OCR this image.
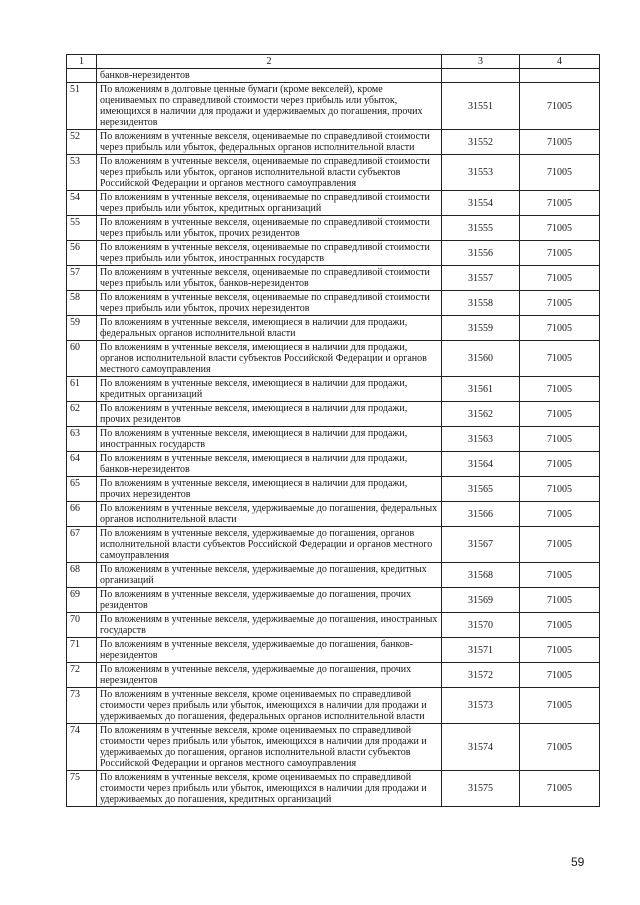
1	2	3	4
	банков-нерезидентов		
51	По вложениям в долговые ценные бумаги (кроме векселей), кроме оцениваемых по справедливой стоимости через прибыль или убыток, имеющихся в наличии для продажи и удерживаемых до погашения, прочих нерезидентов	31551	71005
52	По вложениям в учтенные векселя, оцениваемые по справедливой стоимости через прибыль или убыток, федеральных органов исполнительной власти	31552	71005
53	По вложениям в учтенные векселя, оцениваемые по справедливой стоимости через прибыль или убыток, органов исполнительной власти субъектов Российской Федерации и органов местного самоуправления	31553	71005
54	По вложениям в учтенные векселя, оцениваемые по справедливой стоимости через прибыль или убыток, кредитных организаций	31554	71005
55	По вложениям в учтенные векселя, оцениваемые по справедливой стоимости через прибыль или убыток, прочих резидентов	31555	71005
56	По вложениям в учтенные векселя, оцениваемые по справедливой стоимости через прибыль или убыток, иностранных государств	31556	71005
57	По вложениям в учтенные векселя, оцениваемые по справедливой стоимости через прибыль или убыток, банков-нерезидентов	31557	71005
58	По вложениям в учтенные векселя, оцениваемые по справедливой стоимости через прибыль или убыток, прочих нерезидентов	31558	71005
59	По вложениям в учтенные векселя, имеющиеся в наличии для продажи, федеральных органов исполнительной власти	31559	71005
60	По вложениям в учтенные векселя, имеющиеся в наличии для продажи, органов исполнительной власти субъектов Российской Федерации и органов местного самоуправления	31560	71005
61	По вложениям в учтенные векселя, имеющиеся в наличии для продажи, кредитных организаций	31561	71005
62	По вложениям в учтенные векселя, имеющиеся в наличии для продажи, прочих резидентов	31562	71005
63	По вложениям в учтенные векселя, имеющиеся в наличии для продажи, иностранных государств	31563	71005
64	По вложениям в учтенные векселя, имеющиеся в наличии для продажи, банков-нерезидентов	31564	71005
65	По вложениям в учтенные векселя, имеющиеся в наличии для продажи, прочих нерезидентов	31565	71005
66	По вложениям в учтенные векселя, удерживаемые до погашения, федеральных органов исполнительной власти	31566	71005
67	По вложениям в учтенные векселя, удерживаемые до погашения, органов исполнительной власти субъектов Российской Федерации и органов местного самоуправления	31567	71005
68	По вложениям в учтенные векселя, удерживаемые до погашения, кредитных организаций	31568	71005
69	По вложениям в учтенные векселя, удерживаемые до погашения, прочих резидентов	31569	71005
70	По вложениям в учтенные векселя, удерживаемые до погашения, иностранных государств	31570	71005
71	По вложениям в учтенные векселя, удерживаемые до погашения, банков-нерезидентов	31571	71005
72	По вложениям в учтенные векселя, удерживаемые до погашения, прочих нерезидентов	31572	71005
73	По вложениям в учтенные векселя, кроме оцениваемых по справедливой стоимости через прибыль или убыток, имеющихся в наличии для продажи и удерживаемых до погашения, федеральных органов исполнительной власти	31573	71005
74	По вложениям в учтенные векселя, кроме оцениваемых по справедливой стоимости через прибыль или убыток, имеющихся в наличии для продажи и удерживаемых до погашения, органов исполнительной власти субъектов Российской Федерации и органов местного самоуправления	31574	71005
75	По вложениям в учтенные векселя, кроме оцениваемых по справедливой стоимости через прибыль или убыток, имеющихся в наличии для продажи и удерживаемых до погашения, кредитных организаций	31575	71005
59
